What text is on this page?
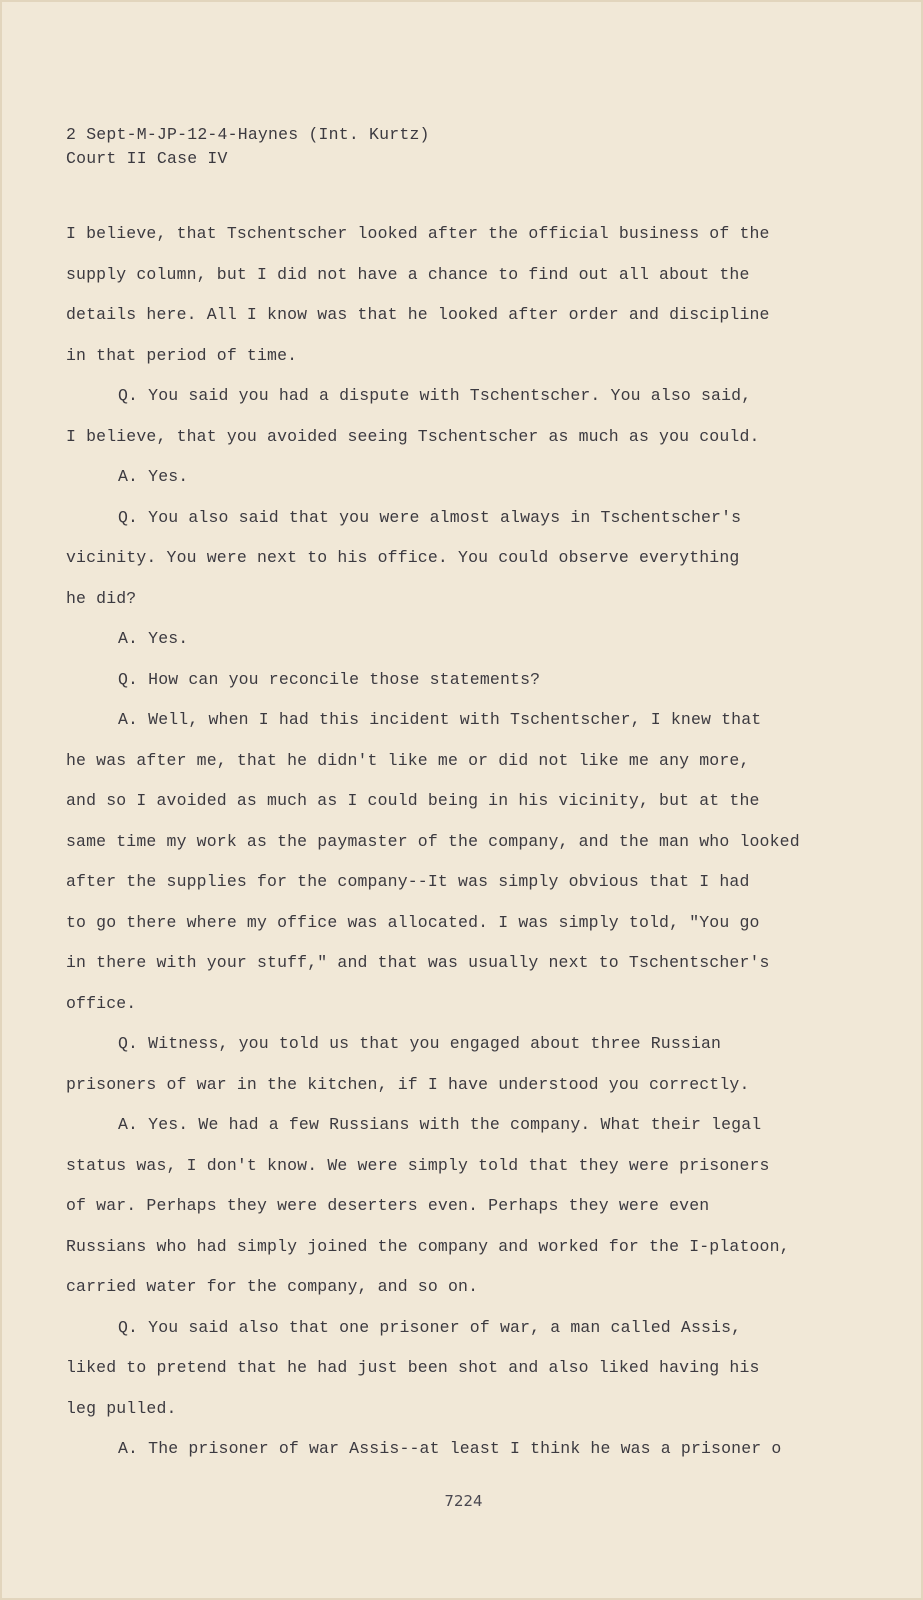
2 Sept-M-JP-12-4-Haynes (Int. Kurtz)
Court II Case IV
I believe, that Tschentscher looked after the official business of the
supply column, but I did not have a chance to find out all about the
details here. All I know was that he looked after order and discipline
in that period of time.
Q. You said you had a dispute with Tschentscher. You also said,
I believe, that you avoided seeing Tschentscher as much as you could.
A. Yes.
Q. You also said that you were almost always in Tschentscher's
vicinity. You were next to his office. You could observe everything
he did?
A. Yes.
Q. How can you reconcile those statements?
A. Well, when I had this incident with Tschentscher, I knew that
he was after me, that he didn't like me or did not like me any more,
and so I avoided as much as I could being in his vicinity, but at the
same time my work as the paymaster of the company, and the man who looked
after the supplies for the company--It was simply obvious that I had
to go there where my office was allocated. I was simply told, "You go
in there with your stuff," and that was usually next to Tschentscher's
office.
Q. Witness, you told us that you engaged about three Russian
prisoners of war in the kitchen, if I have understood you correctly.
A. Yes. We had a few Russians with the company. What their legal
status was, I don't know. We were simply told that they were prisoners
of war. Perhaps they were deserters even. Perhaps they were even
Russians who had simply joined the company and worked for the I-platoon,
carried water for the company, and so on.
Q. You said also that one prisoner of war, a man called Assis,
liked to pretend that he had just been shot and also liked having his
leg pulled.
A. The prisoner of war Assis--at least I think he was a prisoner o
7224
